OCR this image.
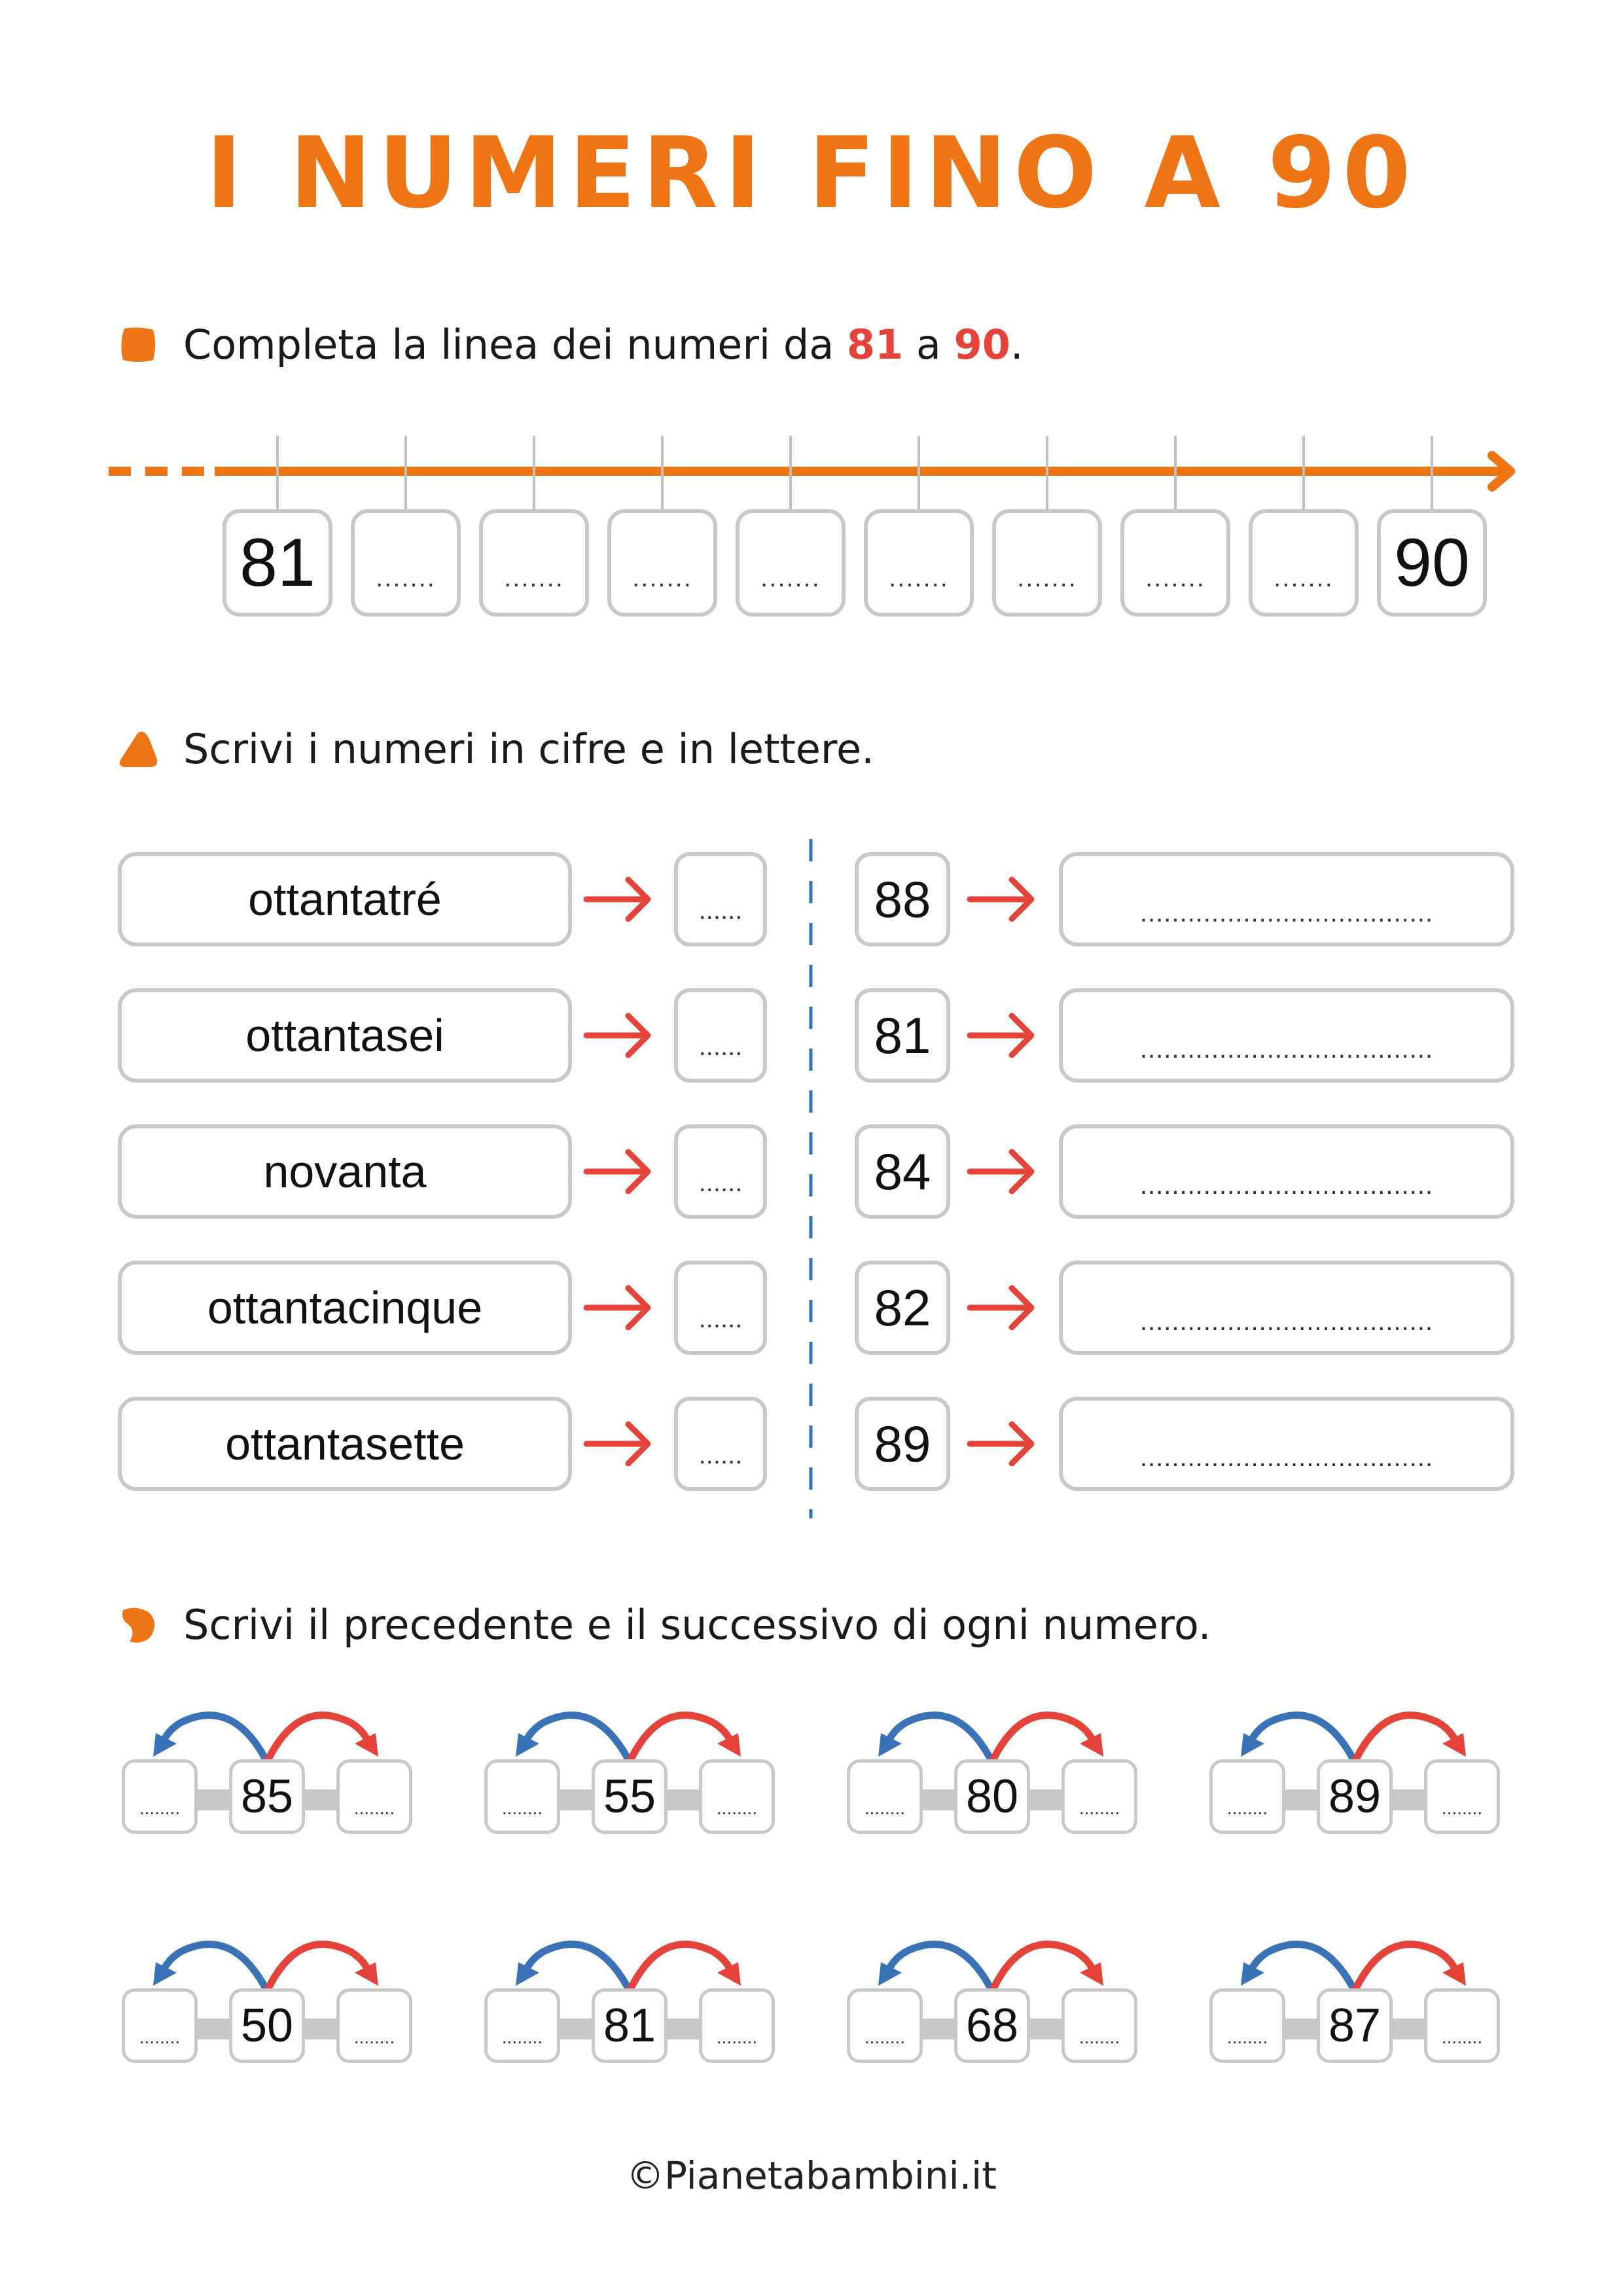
I NUMERI FINO A 90
Completa la linea dei numeri da 81 a 90.
81	.......	.......	.......	.......	.......	.......	.......	....... 90
Scrivi i numeri in cifre e in lettere.
ottantatré	......
ottantasei	......
novanta	......
ottantacinque	......
ottantasette	......
88	.....................................
81	.....................................
84	.....................................
82	.....................................
89	.....................................
Scrivi il precedente e il successivo di ogni numero.
........	85	........	........	55	........	........	80	........	........	89	........
........	50	........	........	81	........	........	68	........	........	87	........
©Pianetabambini.it
